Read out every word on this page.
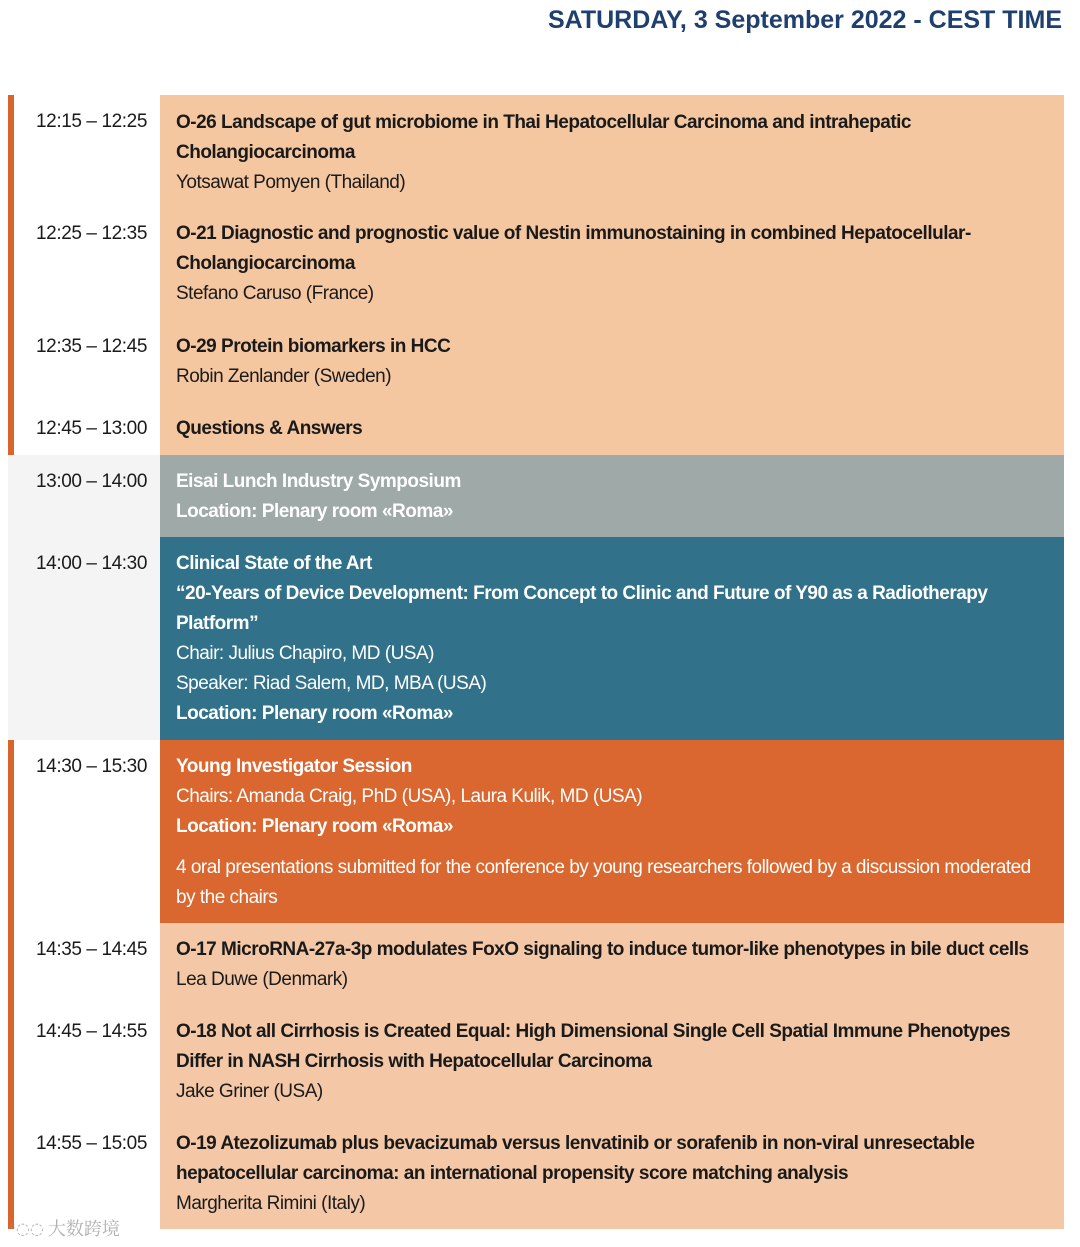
SATURDAY, 3 September 2022 - CEST TIME
12:15 – 12:25	O-26 Landscape of gut microbiome in Thai Hepatocellular Carcinoma and intrahepatic Cholangiocarcinoma
Yotsawat Pomyen (Thailand)
12:25 – 12:35	O-21 Diagnostic and prognostic value of Nestin immunostaining in combined Hepatocellular-Cholangiocarcinoma
Stefano Caruso (France)
12:35 – 12:45	O-29 Protein biomarkers in HCC
Robin Zenlander (Sweden)
12:45 – 13:00	Questions & Answers
13:00 – 14:00	Eisai Lunch Industry Symposium
Location: Plenary room «Roma»
14:00 – 14:30	Clinical State of the Art
“20-Years of Device Development: From Concept to Clinic and Future of Y90 as a Radiotherapy Platform”
Chair: Julius Chapiro, MD (USA)
Speaker: Riad Salem, MD, MBA (USA)
Location: Plenary room «Roma»
14:30 – 15:30	Young Investigator Session
Chairs: Amanda Craig, PhD (USA), Laura Kulik, MD (USA)
Location: Plenary room «Roma»
4 oral presentations submitted for the conference by young researchers followed by a discussion moderated by the chairs
14:35 – 14:45	O-17 MicroRNA-27a-3p modulates FoxO signaling to induce tumor-like phenotypes in bile duct cells
Lea Duwe (Denmark)
14:45 – 14:55	O-18 Not all Cirrhosis is Created Equal: High Dimensional Single Cell Spatial Immune Phenotypes Differ in NASH Cirrhosis with Hepatocellular Carcinoma
Jake Griner (USA)
14:55 – 15:05	O-19 Atezolizumab plus bevacizumab versus lenvatinib or sorafenib in non-viral unresectable hepatocellular carcinoma: an international propensity score matching analysis
Margherita Rimini (Italy)
ᶜ◌◌ 大数跨境
